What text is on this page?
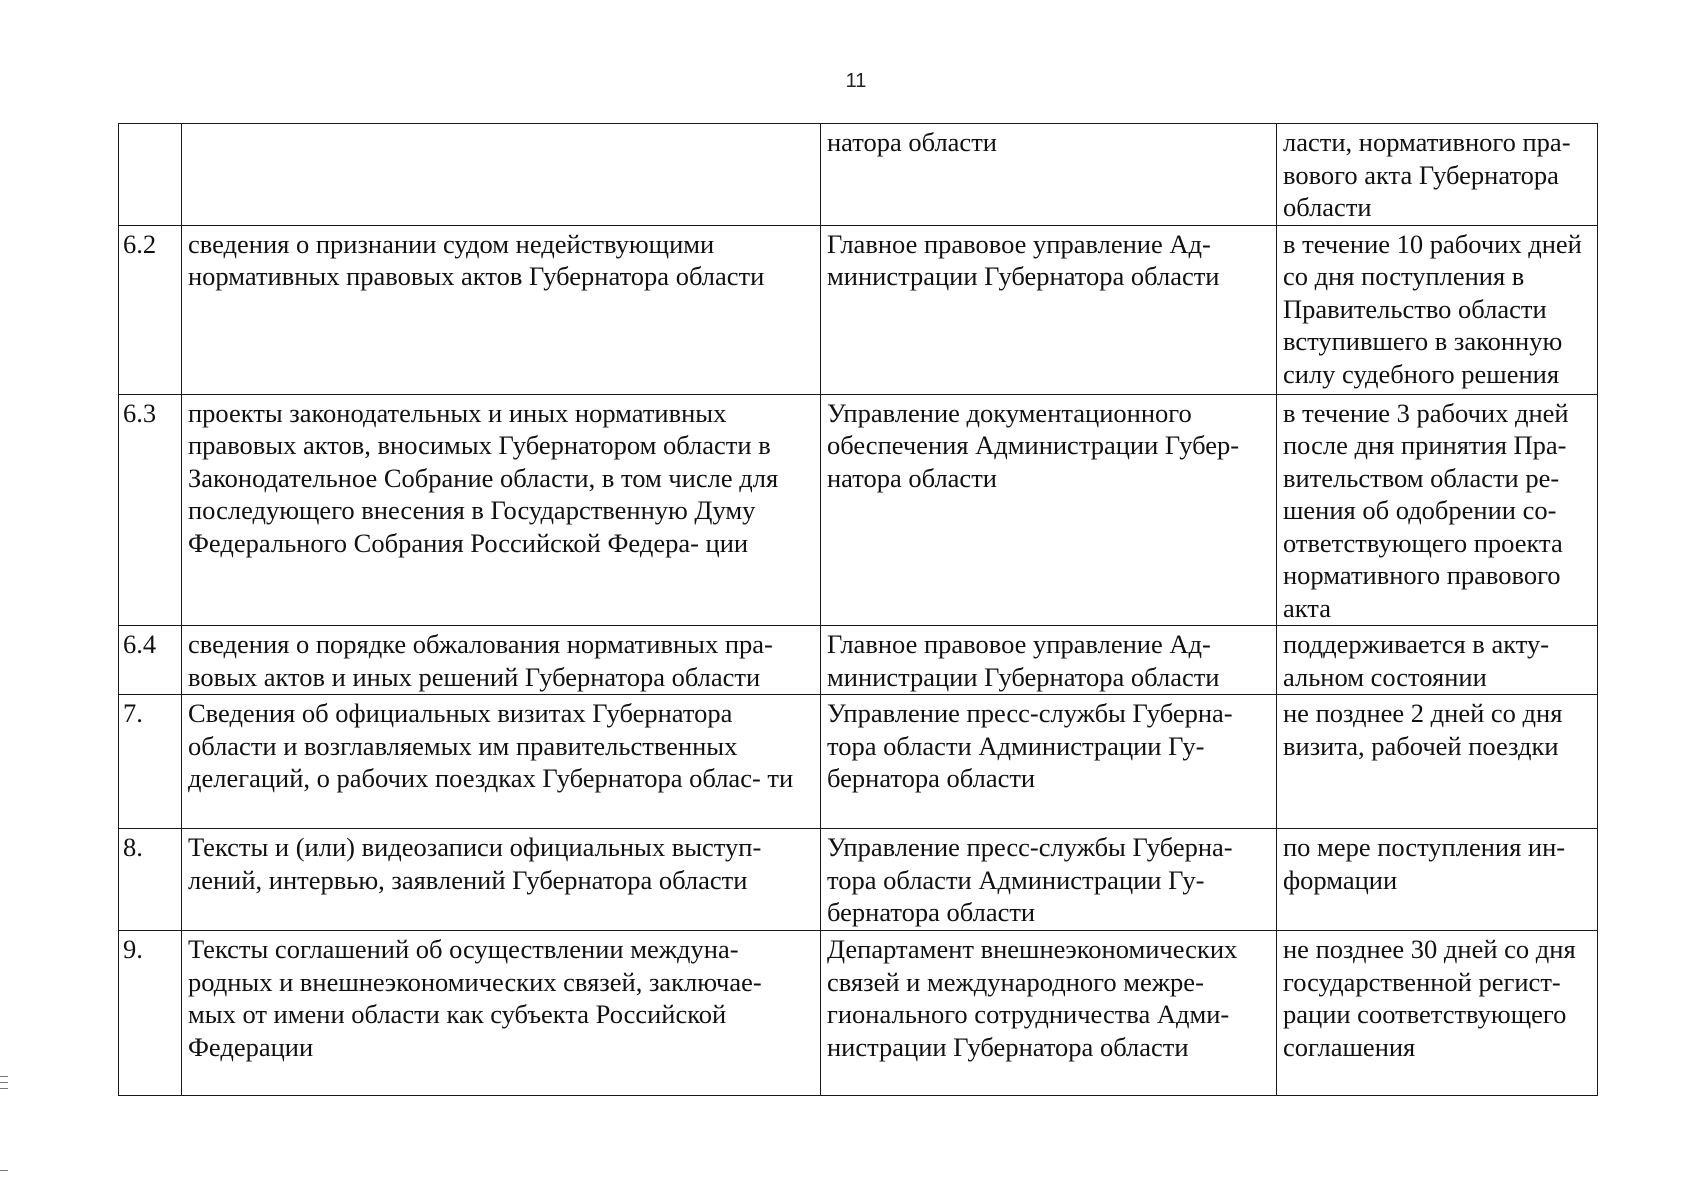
11
		натора области	ласти, нормативного пра- вового акта Губернатора области
6.2	сведения о признании судом недействующими нормативных правовых актов Губернатора области	Главное правовое управление Ад- министрации Губернатора области	в течение 10 рабочих дней со дня поступления в Правительство области вступившего в законную силу судебного решения
6.3	проекты законодательных и иных нормативных правовых актов, вносимых Губернатором области в Законодательное Собрание области, в том числе для последующего внесения в Государственную Думу Федерального Собрания Российской Федера- ции	Управление документационного обеспечения Администрации Губер- натора области	в течение 3 рабочих дней после дня принятия Пра- вительством области ре- шения об одобрении со- ответствующего проекта нормативного правового акта
6.4	сведения о порядке обжалования нормативных пра- вовых актов и иных решений Губернатора области	Главное правовое управление Ад- министрации Губернатора области	поддерживается в акту- альном состоянии
7.	Сведения об официальных визитах Губернатора области и возглавляемых им правительственных делегаций, о рабочих поездках Губернатора облас- ти	Управление пресс-службы Губерна- тора области Администрации Гу- бернатора области	не позднее 2 дней со дня визита, рабочей поездки
8.	Тексты и (или) видеозаписи официальных выступ- лений, интервью, заявлений Губернатора области	Управление пресс-службы Губерна- тора области Администрации Гу- бернатора области	по мере поступления ин- формации
9.	Тексты соглашений об осуществлении междуна- родных и внешнеэкономических связей, заключае- мых от имени области как субъекта Российской Федерации	Департамент внешнеэкономических связей и международного межре- гионального сотрудничества Адми- нистрации Губернатора области	не позднее 30 дней со дня государственной регист- рации соответствующего соглашения
